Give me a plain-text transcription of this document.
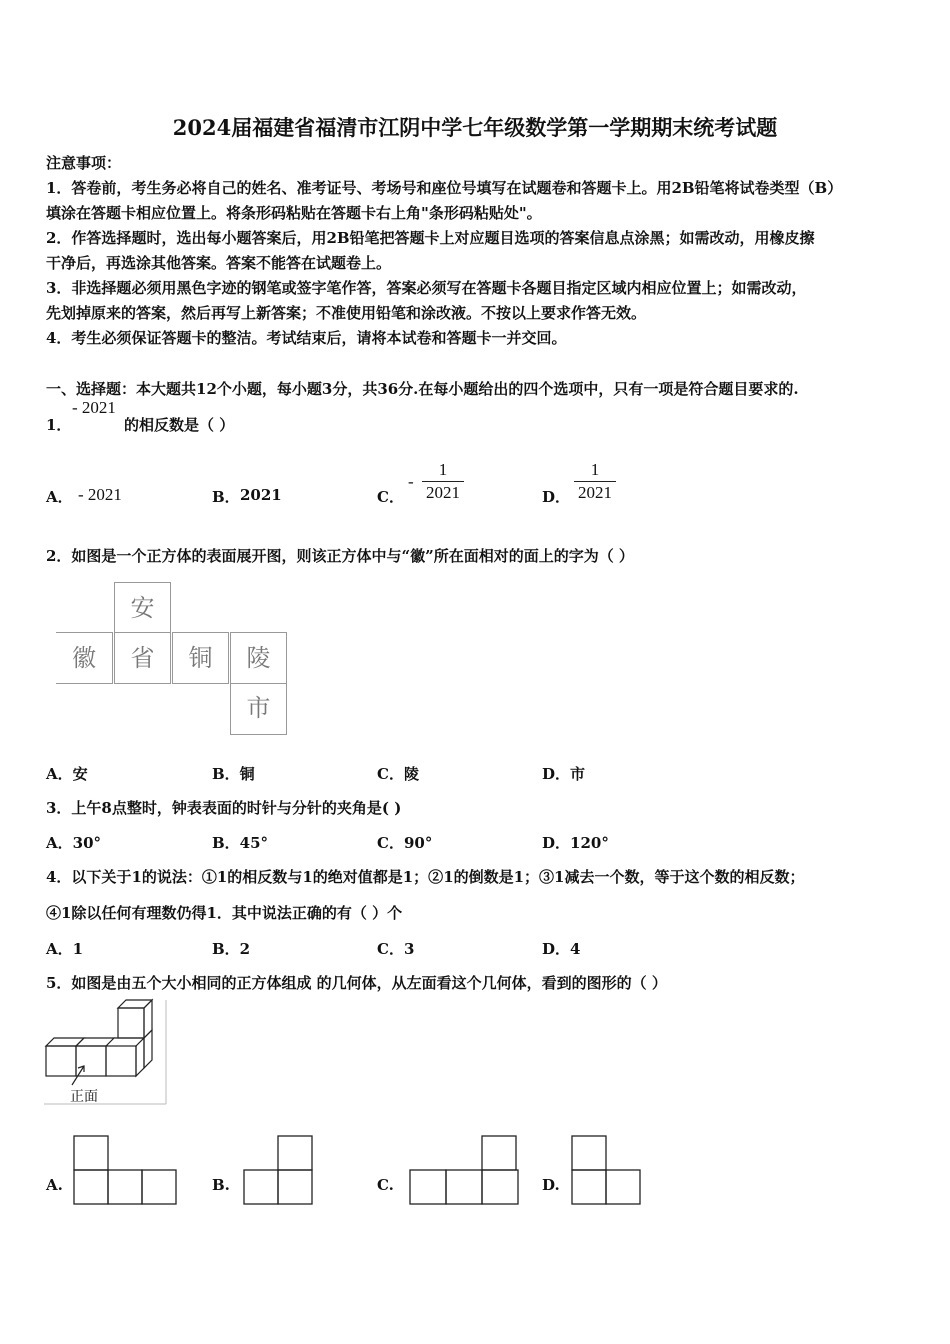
2024届福建省福清市江阴中学七年级数学第一学期期末统考试题
注意事项：
1．答卷前，考生务必将自己的姓名、准考证号、考场号和座位号填写在试题卷和答题卡上。用2B铅笔将试卷类型（B）
填涂在答题卡相应位置上。将条形码粘贴在答题卡右上角"条形码粘贴处"。
2．作答选择题时，选出每小题答案后，用2B铅笔把答题卡上对应题目选项的答案信息点涂黑；如需改动，用橡皮擦
干净后，再选涂其他答案。答案不能答在试题卷上。
3．非选择题必须用黑色字迹的钢笔或签字笔作答，答案必须写在答题卡各题目指定区域内相应位置上；如需改动，
先划掉原来的答案，然后再写上新答案；不准使用铅笔和涂改液。不按以上要求作答无效。
4．考生必须保证答题卡的整洁。考试结束后，请将本试卷和答题卡一并交回。
一、选择题：本大题共12个小题，每小题3分，共36分.在每小题给出的四个选项中，只有一项是符合题目要求的.
1．
- 2021
的相反数是（ ）
A． - 2021	B． 2021	C．
-
1
2021	D．
1
2021
2．如图是一个正方体的表面展开图，则该正方体中与“徽”所在面相对的面上的字为（ ）
安
徽	省	铜	陵
市
A．安	B．铜	C．陵	D．市
3．上午8点整时，钟表表面的时针与分针的夹角是( )
A．30°	B．45°	C．90°	D．120°
4．以下关于1的说法：①1的相反数与1的绝对值都是1；②1的倒数是1；③1减去一个数，等于这个数的相反数；
④1除以任何有理数仍得1．其中说法正确的有（ ）个
A．1	B．2	C．3	D．4
5．如图是由五个大小相同的正方体组成 的几何体，从左面看这个几何体，看到的图形的（ ）
正面
A.	B.	C.	D.
